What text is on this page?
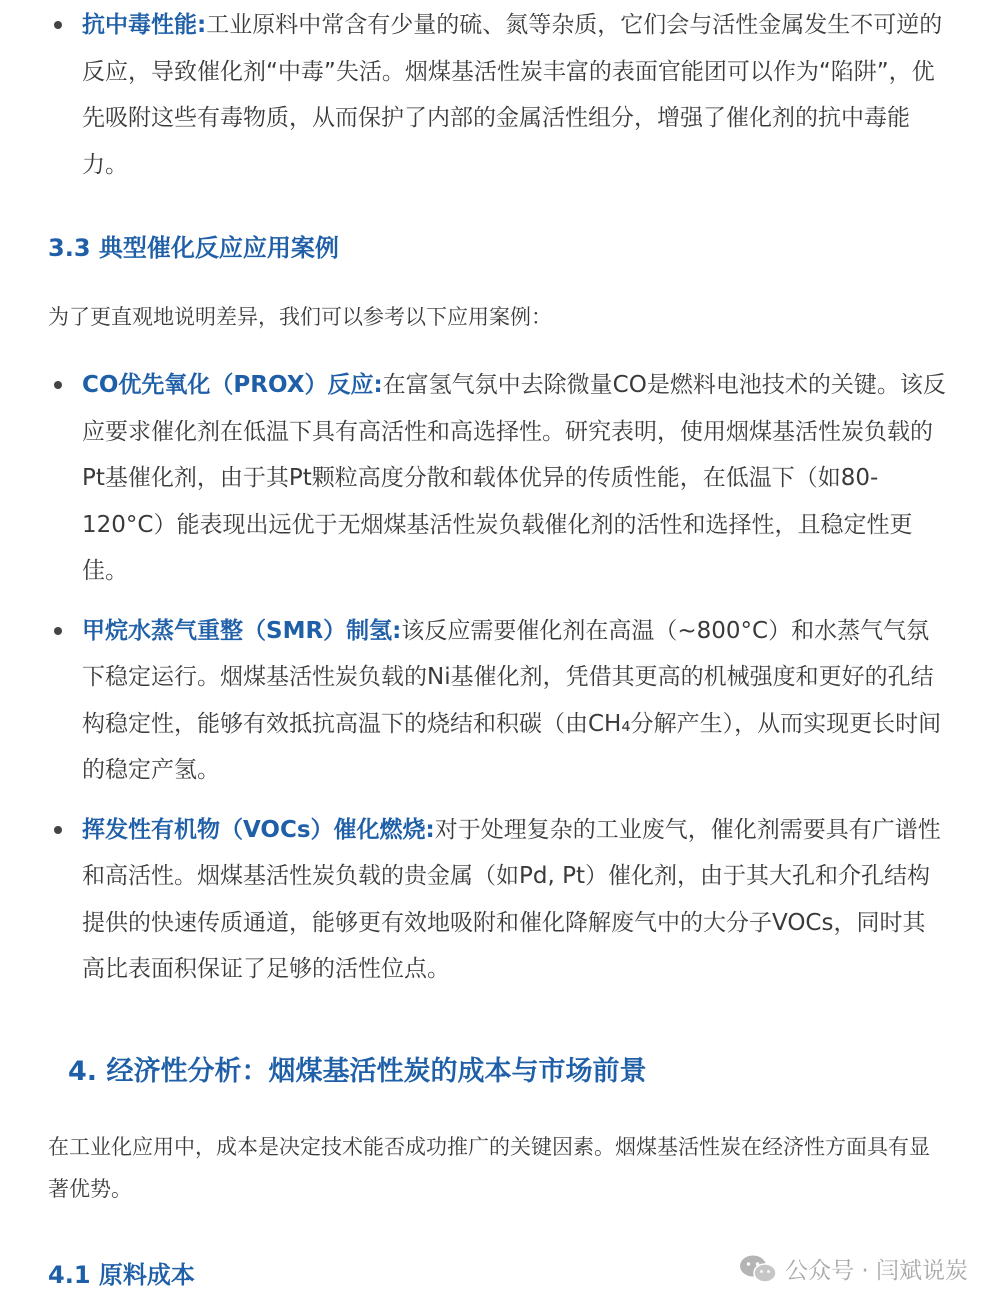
抗中毒性能:工业原料中常含有少量的硫、氮等杂质，它们会与活性金属发生不可逆的反应，导致催化剂“中毒”失活。烟煤基活性炭丰富的表面官能团可以作为“陷阱”，优先吸附这些有毒物质，从而保护了内部的金属活性组分，增强了催化剂的抗中毒能力。
3.3 典型催化反应应用案例

为了更直观地说明差异，我们可以参考以下应用案例：

CO优先氧化（PROX）反应:在富氢气氛中去除微量CO是燃料电池技术的关键。该反应要求催化剂在低温下具有高活性和高选择性。研究表明，使用烟煤基活性炭负载的Pt基催化剂，由于其Pt颗粒高度分散和载体优异的传质性能，在低温下（如80-120°C）能表现出远优于无烟煤基活性炭负载催化剂的活性和选择性，且稳定性更佳。
甲烷水蒸气重整（SMR）制氢:该反应需要催化剂在高温（~800°C）和水蒸气气氛下稳定运行。烟煤基活性炭负载的Ni基催化剂，凭借其更高的机械强度和更好的孔结构稳定性，能够有效抵抗高温下的烧结和积碳（由CH₄分解产生），从而实现更长时间的稳定产氢。
挥发性有机物（VOCs）催化燃烧:对于处理复杂的工业废气，催化剂需要具有广谱性和高活性。烟煤基活性炭负载的贵金属（如Pd, Pt）催化剂，由于其大孔和介孔结构提供的快速传质通道，能够更有效地吸附和催化降解废气中的大分子VOCs，同时其高比表面积保证了足够的活性位点。
4. 经济性分析：烟煤基活性炭的成本与市场前景

在工业化应用中，成本是决定技术能否成功推广的关键因素。烟煤基活性炭在经济性方面具有显著优势。

4.1 原料成本	公众号 · 闫斌说炭
